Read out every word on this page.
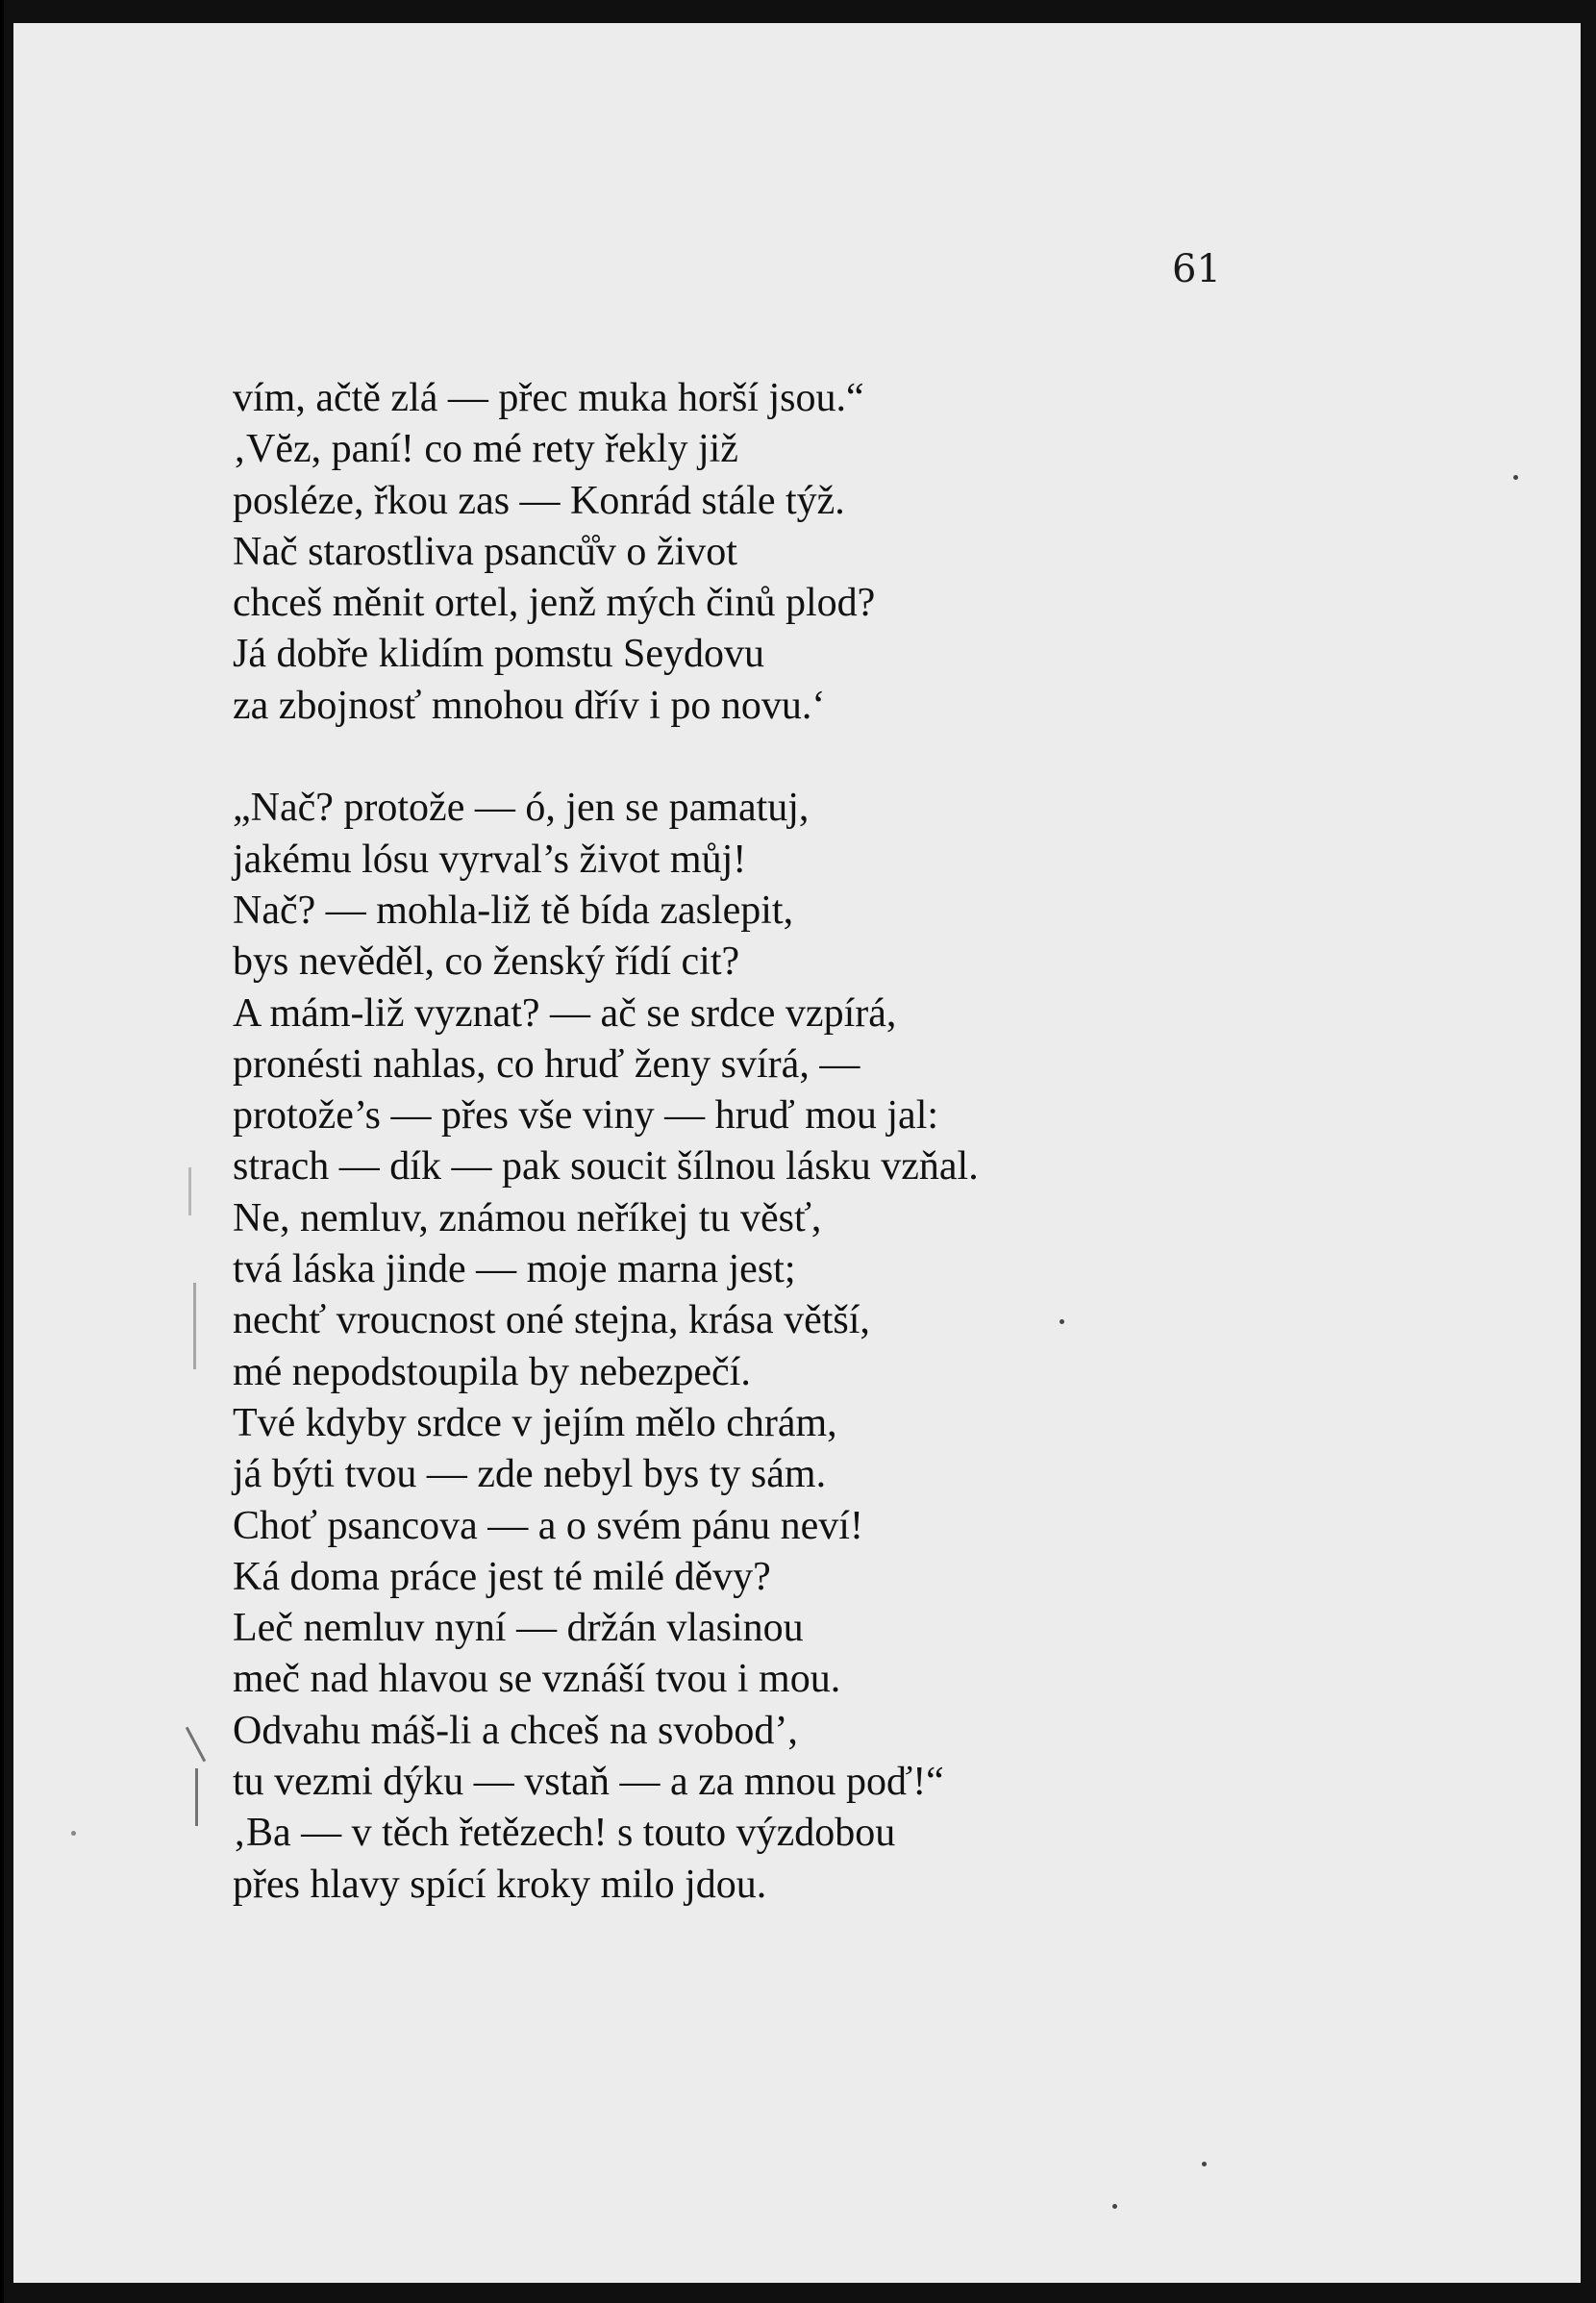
61

vím, ačtě zlá — přec muka horší jsou.“
‚Vĕz, paní! co mé rety řekly již
posléze, řkou zas — Konrád stále týž.
Nač starostliva psanců̊v o život
chceš měnit ortel, jenž mých činů plod?
Já dobře klidím pomstu Seydovu
za zbojnosť mnohou dřív i po novu.‘
„Nač? protože — ó, jen se pamatuj,
jakému lósu vyrval’s život můj!
Nač? — mohla-liž tě bída zaslepit,
bys nevěděl, co ženský řídí cit?
A mám-liž vyznat? — ač se srdce vzpírá,
pronésti nahlas, co hruď ženy svírá, —
protože’s — přes vše viny — hruď mou jal:
strach — dík — pak soucit šílnou lásku vzňal.
Ne, nemluv, známou neříkej tu věsť,
tvá láska jinde — moje marna jest;
nechť vroucnost oné stejna, krása větší,
mé nepodstoupila by nebezpečí.
Tvé kdyby srdce v jejím mělo chrám,
já býti tvou — zde nebyl bys ty sám.
Choť psancova — a o svém pánu neví!
Ká doma práce jest té milé děvy?
Leč nemluv nyní — držán vlasinou
meč nad hlavou se vznáší tvou i mou.
Odvahu máš-li a chceš na svobod’,
tu vezmi dýku — vstaň — a za mnou poď!“
‚Ba — v těch řetězech! s touto výzdobou
přes hlavy spící kroky milo jdou.
